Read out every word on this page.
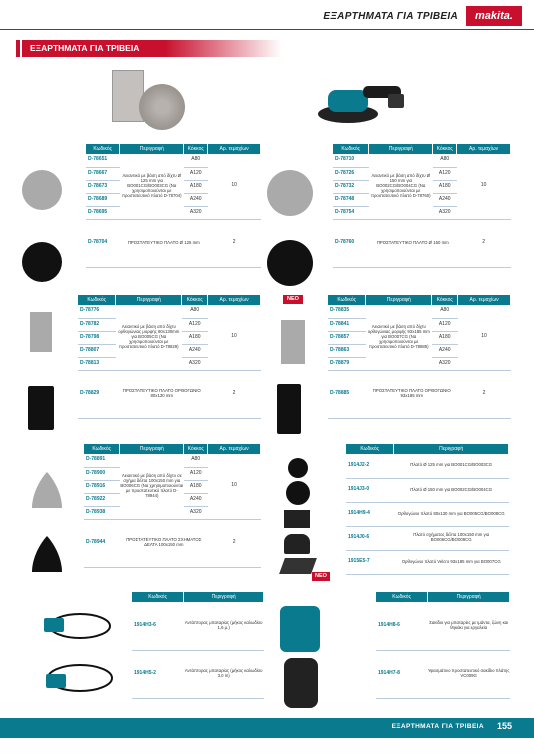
ΕΞΑΡΤΗΜΑΤΑ ΓΙΑ ΤΡΙΒΕΙΑ	makita.
ΕΞΑΡΤΗΜΑΤΑ ΓΙΑ ΤΡΙΒΕΙΑ
Κωδικός	Περιγραφή	Κόκκος	Αρ. τεμαχίων
D-78651	Λειαντικό με βάση από δίχτυ Ø 125 mm για BO001CG/BO003CG (Να χρησιμοποιούνται με προστατευτικό πλατό D-78704)	A80	10
D-78667		A120	
D-78673		A180	
D-78689		A240	
D-78695		A320	
D-78704	ΠΡΟΣΤΑΤΕΥΤΙΚΟ ΠΛΑΤΟ Ø 125 mm		2
Κωδικός	Περιγραφή	Κόκκος	Αρ. τεμαχίων
D-78710	Λειαντικό με βάση από δίχτυ Ø 150 mm για BO002CG/BO004CG (Να χρησιμοποιούνται με προστατευτικό πλατό D-78760)	A80	10
D-78726		A120	
D-78732		A180	
D-78748		A240	
D-78754		A320	
D-78760	ΠΡΟΣΤΑΤΕΥΤΙΚΟ ΠΛΑΤΟ Ø 150 mm		2
Κωδικός	Περιγραφή	Κόκκος	Αρ. τεμαχίων
D-78776	Λειαντικό με βάση από δίχτυ ορθογώνιας μορφής 80x130mm για BO005CG (Να χρησιμοποιούνται με προστατευτικό πλατό D-78829)	A80	10
D-78782		A120	
D-78798		A180	
D-78807		A240	
D-78813		A320	
D-78829	ΠΡΟΣΤΑΤΕΥΤΙΚΟ ΠΛΑΤΟ ΟΡΘΟΓΩΝΙΟ 80x130 mm		2
ΝΕΟ	Κωδικός	Περιγραφή	Κόκκος	Αρ. τεμαχίων
D-78835	Λειαντικό με βάση από δίχτυ ορθογώνιας μορφής 93x185 mm για BO007CG (Να χρησιμοποιούνται με προστατευτικό πλατό D-78885)	A80	10
D-78841		A120	
D-78857		A180	
D-78863		A240	
D-78879		A320	
D-78885	ΠΡΟΣΤΑΤΕΥΤΙΚΟ ΠΛΑΤΟ ΟΡΘΟΓΩΝΙΟ 93x185 mm		2
Κωδικός	Περιγραφή	Κόκκος	Αρ. τεμαχίων
D-78891	Λειαντικό με βάση από δίχτυ σε σχήμα δέλτα 100x150 mm για BO006CG (Να χρησιμοποιούνται με προστατευτικό πλατό D-78944)	A80	10
D-78900		A120	
D-78916		A180	
D-78922		A240	
D-78938		A320	
D-78944	ΠΡΟΣΤΑΤΕΥΤΙΚΟ ΠΛΑΤΟ ΣΧΗΜΑΤΟΣ ΔΕΛΤΑ 100x150 mm		2
Κωδικός	Περιγραφή
1914J2-2	Πλατό Ø 125 mm για BO001CG/BO003CG
1914J3-0	Πλατό Ø 150 mm για BO002CG/BO004CG
1914H9-4	Ορθογώνιο πλατό 80x130 mm για BO005CG/BO008CG
1914J0-6	Πλατό σχήματος δέλτα 100x150 mm για BO006CG/BO009CG
1915E5-7	Ορθογώνιο πλατό Velcro 93x185 mm για BO007CG
ΝΕΟ
Κωδικός	Περιγραφή
1914H3-6	Αντάπτορας μπαταρίας (μήκος καλωδίου 1,6 μ.)
1914H5-2	Αντάπτορας μπαταρίας (μήκος καλωδίου 3,0 m)
Κωδικός	Περιγραφή
1914H8-6	Σακίδιο για μπαταρίες με ιμάντα, ζώνη και θηκάκι για εργαλεία
1914H7-8	Υφασμάτινο προστατευτικό σακίδιο πλάτης VC009G
ΕΞΑΡΤΗΜΑΤΑ ΓΙΑ ΤΡΙΒΕΙΑ 155
